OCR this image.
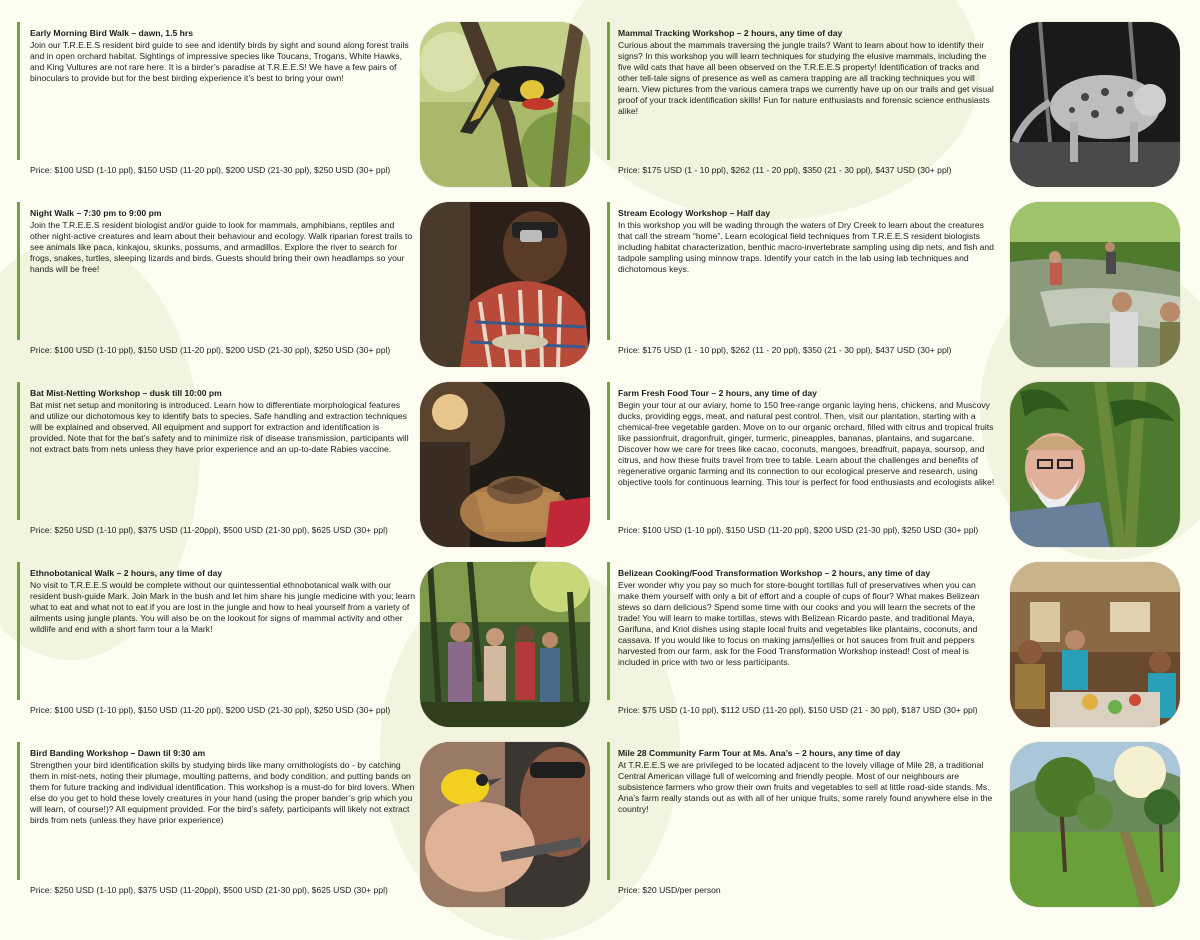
Early Morning Bird Walk – dawn, 1.5 hrs

Join our T.R.E.E.S resident bird guide to see and identify birds by sight and sound along forest trails and in open orchard habitat. Sightings of impressive species like Toucans, Trogans, White Hawks, and King Vultures are not rare here. It is a birder’s paradise at T.R.E.E.S! We have a few pairs of binoculars to provide but for the best birding experience it’s best to bring your own!

Price: $100 USD (1-10 ppl), $150 USD (11-20 ppl), $200 USD (21-30 ppl), $250 USD (30+ ppl)

Night Walk – 7:30 pm to 9:00 pm

Join the T.R.E.E.S resident biologist and/or guide to look for mammals, amphibians, reptiles and other night-active creatures and learn about their behaviour and ecology. Walk riparian forest trails to see animals like paca, kinkajou, skunks, possums, and armadillos. Explore the river to search for frogs, snakes, turtles, sleeping lizards and birds. Guests should bring their own headlamps so your hands will be free!

Price: $100 USD (1-10 ppl), $150 USD (11-20 ppl), $200 USD (21-30 ppl), $250 USD (30+ ppl)

Bat Mist-Netting Workshop – dusk till 10:00 pm

Bat mist net setup and monitoring is introduced. Learn how to differentiate morphological features and utilize our dichotomous key to identify bats to species. Safe handling and extraction techniques will be explained and observed. All equipment and support for extraction and identification is provided. Note that for the bat’s safety and to minimize risk of disease transmission, participants will not extract bats from nets unless they have prior experience and an up-to-date Rabies vaccine.

Price: $250 USD (1-10 ppl), $375 USD (11-20ppl), $500 USD (21-30 ppl), $625 USD (30+ ppl)

Ethnobotanical Walk – 2 hours, any time of day

No visit to T.R.E.E.S would be complete without our quintessential ethnobotanical walk with our resident bush-guide Mark. Join Mark in the bush and let him share his jungle medicine with you; learn what to eat and what not to eat if you are lost in the jungle and how to heal yourself from a variety of ailments using jungle plants. You will also be on the lookout for signs of mammal activity and other wildlife and end with a short farm tour a la Mark!

Price: $100 USD (1-10 ppl), $150 USD (11-20 ppl), $200 USD (21-30 ppl), $250 USD (30+ ppl)

Bird Banding Workshop – Dawn til 9:30 am

Strengthen your bird identification skills by studying birds like many ornithologists do - by catching them in mist-nets, noting their plumage, moulting patterns, and body condition, and putting bands on them for future tracking and individual identification. This workshop is a must-do for bird lovers. When else do you get to hold these lovely creatures in your hand (using the proper bander’s grip which you will learn, of course!)? All equipment provided. For the bird’s safety, participants will likely not extract birds from nets (unless they have prior experience)

Price: $250 USD (1-10 ppl), $375 USD (11-20ppl), $500 USD (21-30 ppl), $625 USD (30+ ppl)

Mammal Tracking Workshop – 2 hours, any time of day

Curious about the mammals traversing the jungle trails? Want to learn about how to identify their signs? In this workshop you will learn techniques for studying the elusive mammals, including the five wild cats that have all been observed on the T.R.E.E.S property! Identification of tracks and other tell-tale signs of presence as well as camera trapping are all tracking techniques you will learn. View pictures from the various camera traps we currently have up on our trails and get visual proof of your track identification skills! Fun for nature enthusiasts and forensic science enthusiasts alike!

Price: $175 USD (1 - 10 ppl), $262 (11 - 20 ppl), $350 (21 - 30 ppl), $437 USD (30+ ppl)

Stream Ecology Workshop – Half day

In this workshop you will be wading through the waters of Dry Creek to learn about the creatures that call the stream “home”. Learn ecological field techniques from T.R.E.E.S resident biologists including habitat characterization, benthic macro-invertebrate sampling using dip nets, and fish and tadpole sampling using minnow traps. Identify your catch in the lab using lab techniques and dichotomous keys.

Price: $175 USD (1 - 10 ppl), $262 (11 - 20 ppl), $350 (21 - 30 ppl), $437 USD (30+ ppl)

Farm Fresh Food Tour – 2 hours, any time of day

Begin your tour at our aviary, home to 150 free-range organic laying hens, chickens, and Muscovy ducks, providing eggs, meat, and natural pest control. Then, visit our plantation, starting with a chemical-free vegetable garden. Move on to our organic orchard, filled with citrus and tropical fruits like passionfruit, dragonfruit, ginger, turmeric, pineapples, bananas, plantains, and sugarcane. Discover how we care for trees like cacao, coconuts, mangoes, breadfruit, papaya, soursop, and citrus, and how these fruits travel from tree to table. Learn about the challenges and benefits of regenerative organic farming and its connection to our ecological preserve and research, using objective tools for continuous learning. This tour is perfect for food enthusiasts and ecologists alike!

Price: $100 USD (1-10 ppl), $150 USD (11-20 ppl), $200 USD (21-30 ppl), $250 USD (30+ ppl)

Belizean Cooking/Food Transformation Workshop – 2 hours, any time of day

Ever wonder why you pay so much for store-bought tortillas full of preservatives when you can make them yourself with only a bit of effort and a couple of cups of flour? What makes Belizean stews so darn delicious? Spend some time with our cooks and you will learn the secrets of the trade! You will learn to make tortillas, stews with Belizean Ricardo paste, and traditional Maya, Garifuna, and Kriol dishes using staple local fruits and vegetables like plantains, coconuts, and cassava. If you would like to focus on making jams/jellies or hot sauces from fruit and peppers harvested from our farm, ask for the Food Transformation Workshop instead! Cost of meal is included in price with two or less participants.

Price: $75 USD (1-10 ppl), $112 USD (11-20 ppl), $150 USD (21 - 30 ppl), $187 USD (30+ ppl)

Mile 28 Community Farm Tour at Ms. Ana’s – 2 hours, any time of day

At T.R.E.E.S we are privileged to be located adjacent to the lovely village of Mile 28, a traditional Central American village full of welcoming and friendly people. Most of our neighbours are subsistence farmers who grow their own fruits and vegetables to sell at little road-side stands. Ms. Ana’s farm really stands out as with all of her unique fruits, some rarely found anywhere else in the country!

Price: $20 USD/per person
